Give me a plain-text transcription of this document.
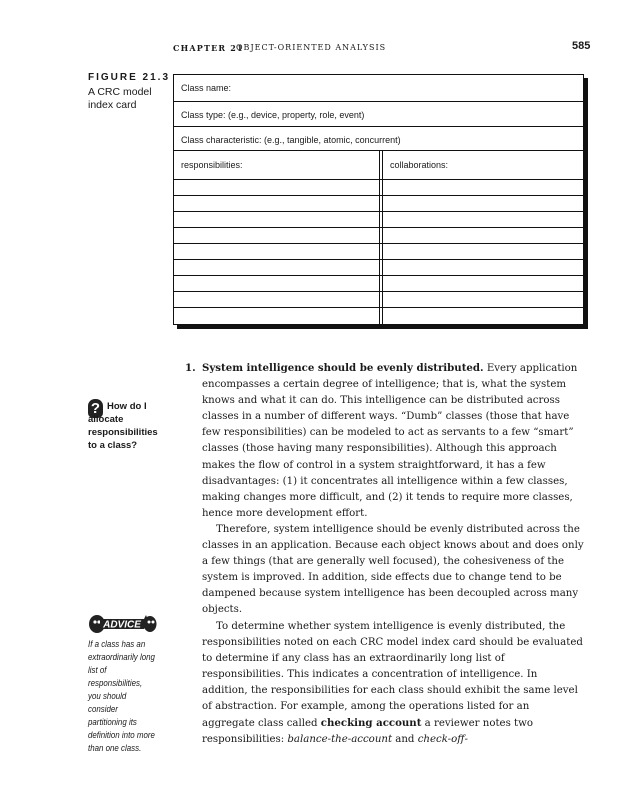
CHAPTER 21
OBJECT-ORIENTED ANALYSIS	585
FIGURE 21.3
A CRC model index card
Class name:
Class type: (e.g., device, property, role, event)
Class characteristic: (e.g., tangible, atomic, concurrent)
responsibilities:	collaborations:
? How do I allocate responsibilities to a class?
ADVICE
If a class has an extraordinarily long list of responsibilities, you should consider partitioning its definition into more than one class.

1. System intelligence should be evenly distributed. Every application encompasses a certain degree of intelligence; that is, what the system knows and what it can do. This intelligence can be distributed across classes in a number of different ways. “Dumb” classes (those that have few responsibilities) can be modeled to act as servants to a few “smart” classes (those having many responsibilities). Although this approach makes the flow of control in a system straightforward, it has a few disadvantages: (1) it concentrates all intelligence within a few classes, making changes more difficult, and (2) it tends to require more classes, hence more development effort.

Therefore, system intelligence should be evenly distributed across the classes in an application. Because each object knows about and does only a few things (that are generally well focused), the cohesiveness of the system is improved. In addition, side effects due to change tend to be dampened because system intelligence has been decoupled across many objects.

To determine whether system intelligence is evenly distributed, the responsibilities noted on each CRC model index card should be evaluated to determine if any class has an extraordinarily long list of responsibilities. This indicates a concentration of intelligence. In addition, the responsibilities for each class should exhibit the same level of abstraction. For example, among the operations listed for an aggregate class called checking account a reviewer notes two responsibilities: balance-the-account and check-off-
